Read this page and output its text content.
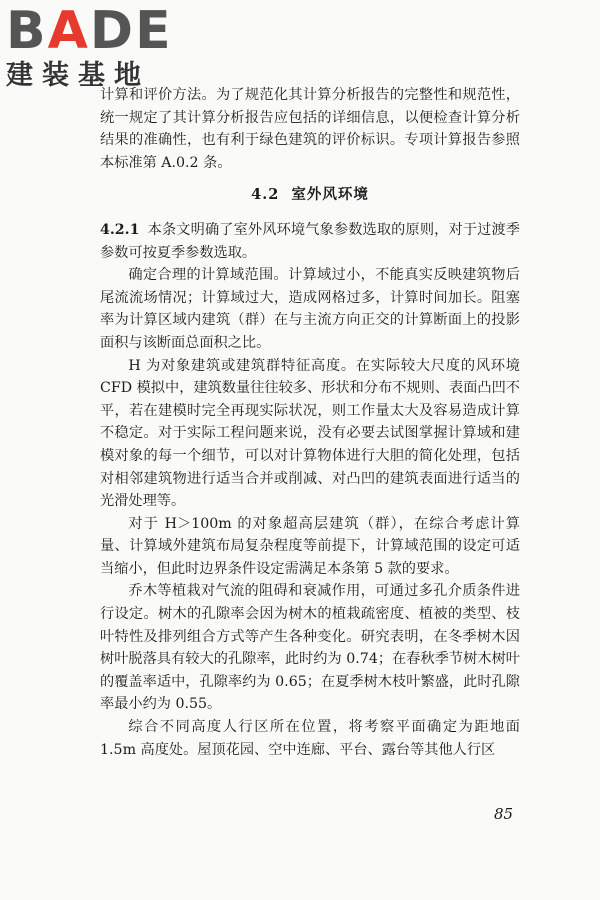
BADE
建装基地

计算和评价方法。为了规范化其计算分析报告的完整性和规范性，统一规定了其计算分析报告应包括的详细信息，以便检查计算分析结果的准确性，也有利于绿色建筑的评价标识。专项计算报告参照本标准第 A.0.2 条。

4.2 室外风环境

4.2.1 本条文明确了室外风环境气象参数选取的原则，对于过渡季参数可按夏季参数选取。

确定合理的计算域范围。计算域过小，不能真实反映建筑物后尾流流场情况；计算域过大，造成网格过多，计算时间加长。阻塞率为计算区域内建筑（群）在与主流方向正交的计算断面上的投影面积与该断面总面积之比。

H 为对象建筑或建筑群特征高度。在实际较大尺度的风环境 CFD 模拟中，建筑数量往往较多、形状和分布不规则、表面凸凹不平，若在建模时完全再现实际状况，则工作量太大及容易造成计算不稳定。对于实际工程问题来说，没有必要去试图掌握计算域和建模对象的每一个细节，可以对计算物体进行大胆的简化处理，包括对相邻建筑物进行适当合并或削减、对凸凹的建筑表面进行适当的光滑处理等。

对于 H＞100m 的对象超高层建筑（群），在综合考虑计算量、计算域外建筑布局复杂程度等前提下，计算域范围的设定可适当缩小，但此时边界条件设定需满足本条第 5 款的要求。

乔木等植栽对气流的阻碍和衰减作用，可通过多孔介质条件进行设定。树木的孔隙率会因为树木的植栽疏密度、植被的类型、枝叶特性及排列组合方式等产生各种变化。研究表明，在冬季树木因树叶脱落具有较大的孔隙率，此时约为 0.74；在春秋季节树木树叶的覆盖率适中，孔隙率约为 0.65；在夏季树木枝叶繁盛，此时孔隙率最小约为 0.55。

综合不同高度人行区所在位置，将考察平面确定为距地面 1.5m 高度处。屋顶花园、空中连廊、平台、露台等其他人行区

85
